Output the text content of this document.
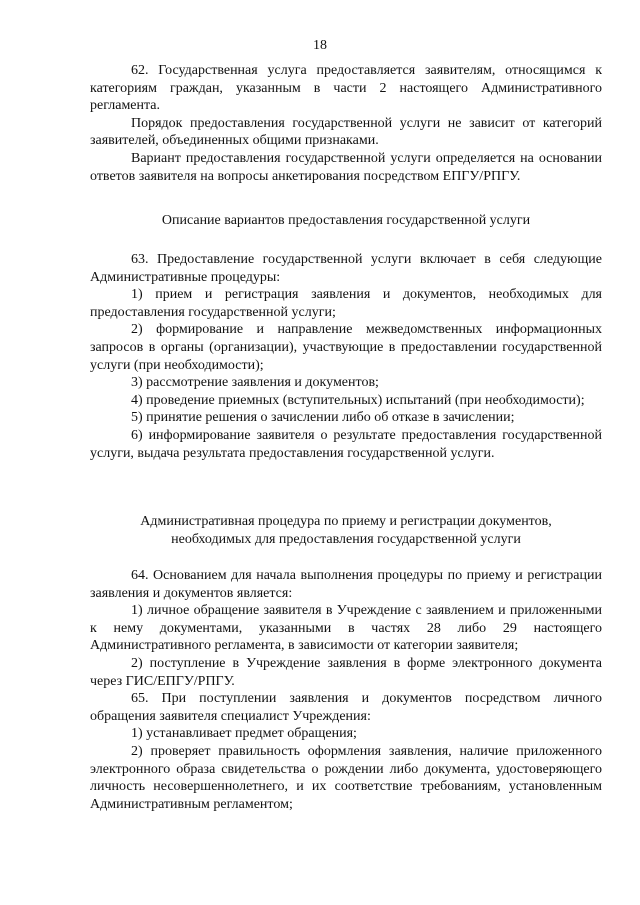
18

62. Государственная услуга предоставляется заявителям, относящимся к категориям граждан, указанным в части 2 настоящего Административного регламента.

Порядок предоставления государственной услуги не зависит от категорий заявителей, объединенных общими признаками.

Вариант предоставления государственной услуги определяется на основании ответов заявителя на вопросы анкетирования посредством ЕПГУ/РПГУ.

Описание вариантов предоставления государственной услуги

63. Предоставление государственной услуги включает в себя следующие Административные процедуры:

1) прием и регистрация заявления и документов, необходимых для предоставления государственной услуги;

2) формирование и направление межведомственных информационных запросов в органы (организации), участвующие в предоставлении государственной услуги (при необходимости);

3) рассмотрение заявления и документов;

4) проведение приемных (вступительных) испытаний (при необходимости);

5) принятие решения о зачислении либо об отказе в зачислении;

6) информирование заявителя о результате предоставления государственной услуги, выдача результата предоставления государственной услуги.

Административная процедура по приему и регистрации документов,

необходимых для предоставления государственной услуги

64. Основанием для начала выполнения процедуры по приему и регистрации заявления и документов является:

1) личное обращение заявителя в Учреждение с заявлением и приложенными к нему документами, указанными в частях 28 либо 29 настоящего Административного регламента, в зависимости от категории заявителя;

2) поступление в Учреждение заявления в форме электронного документа через ГИС/ЕПГУ/РПГУ.

65. При поступлении заявления и документов посредством личного обращения заявителя специалист Учреждения:

1) устанавливает предмет обращения;

2) проверяет правильность оформления заявления, наличие приложенного электронного образа свидетельства о рождении либо документа, удостоверяющего личность несовершеннолетнего, и их соответствие требованиям, установленным Административным регламентом;
